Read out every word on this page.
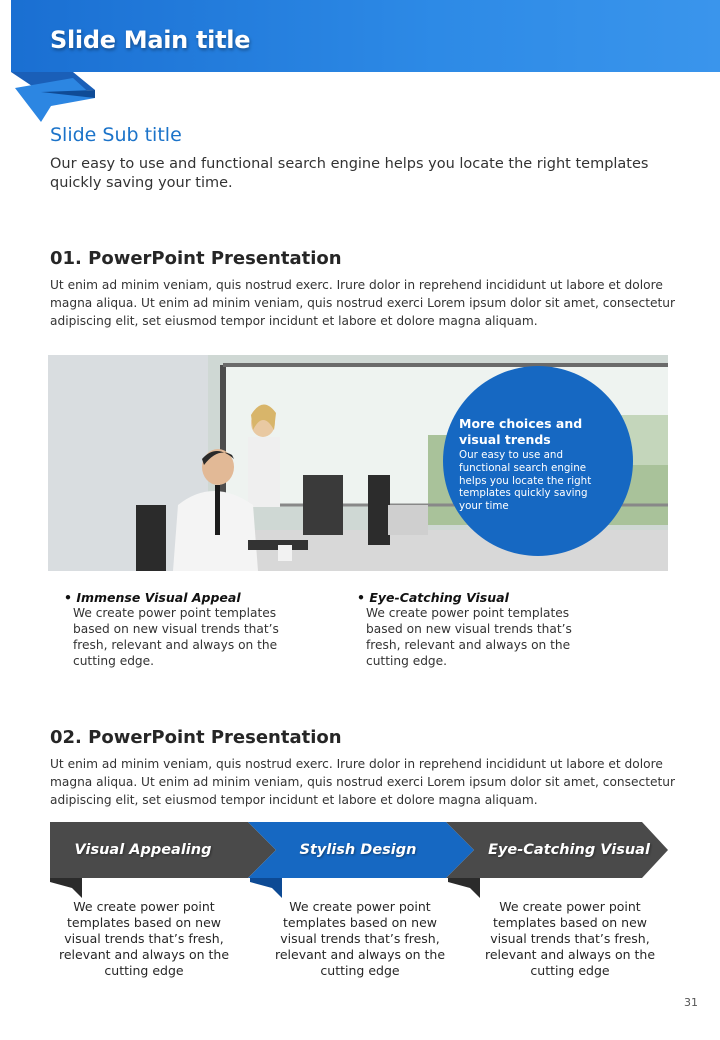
Slide Main title
Slide Sub title
Our easy to use and functional search engine helps you locate the right templates quickly saving your time.
01. PowerPoint Presentation
Ut enim ad minim veniam, quis nostrud exerc. Irure dolor in reprehend incididunt ut labore et dolore magna aliqua. Ut enim ad minim veniam, quis nostrud exerci Lorem ipsum dolor sit amet, consectetur adipiscing elit, set eiusmod tempor incidunt et labore et dolore magna aliquam.
More choices and visual trends
Our easy to use and functional search engine helps you locate the right templates quickly saving your time
• Immense Visual Appeal
We create power point templates based on new visual trends that’s fresh, relevant and always on the cutting edge.
• Eye-Catching Visual
We create power point templates based on new visual trends that’s fresh, relevant and always on the cutting edge.
02. PowerPoint Presentation
Ut enim ad minim veniam, quis nostrud exerc. Irure dolor in reprehend incididunt ut labore et dolore magna aliqua. Ut enim ad minim veniam, quis nostrud exerci Lorem ipsum dolor sit amet, consectetur adipiscing elit, set eiusmod tempor incidunt et labore et dolore magna aliquam.
Visual Appealing	Stylish Design	Eye-Catching Visual
We create power point templates based on new visual trends that’s fresh, relevant and always on the cutting edge
We create power point templates based on new visual trends that’s fresh, relevant and always on the cutting edge
We create power point templates based on new visual trends that’s fresh, relevant and always on the cutting edge
31
